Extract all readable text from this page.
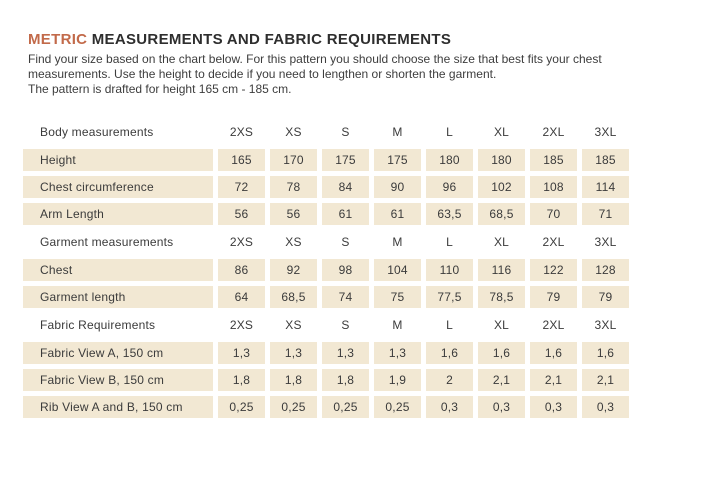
METRIC MEASUREMENTS AND FABRIC REQUIREMENTS
Find your size based on the chart below. For this pattern you should choose the size that best fits your chest
measurements. Use the height to decide if you need to lengthen or shorten the garment.
The pattern is drafted for height 165 cm - 185 cm.
Body measurements	2XS	XS	S	M	L	XL	2XL	3XL
Height	165	170	175	175	180	180	185	185
Chest circumference	72	78	84	90	96	102	108	114
Arm Length	56	56	61	61	63,5	68,5	70	71
Garment measurements	2XS	XS	S	M	L	XL	2XL	3XL
Chest	86	92	98	104	110	116	122	128
Garment length	64	68,5	74	75	77,5	78,5	79	79
Fabric Requirements	2XS	XS	S	M	L	XL	2XL	3XL
Fabric View A, 150 cm	1,3	1,3	1,3	1,3	1,6	1,6	1,6	1,6
Fabric View B, 150 cm	1,8	1,8	1,8	1,9	2	2,1	2,1	2,1
Rib View A and B, 150 cm	0,25	0,25	0,25	0,25	0,3	0,3	0,3	0,3
